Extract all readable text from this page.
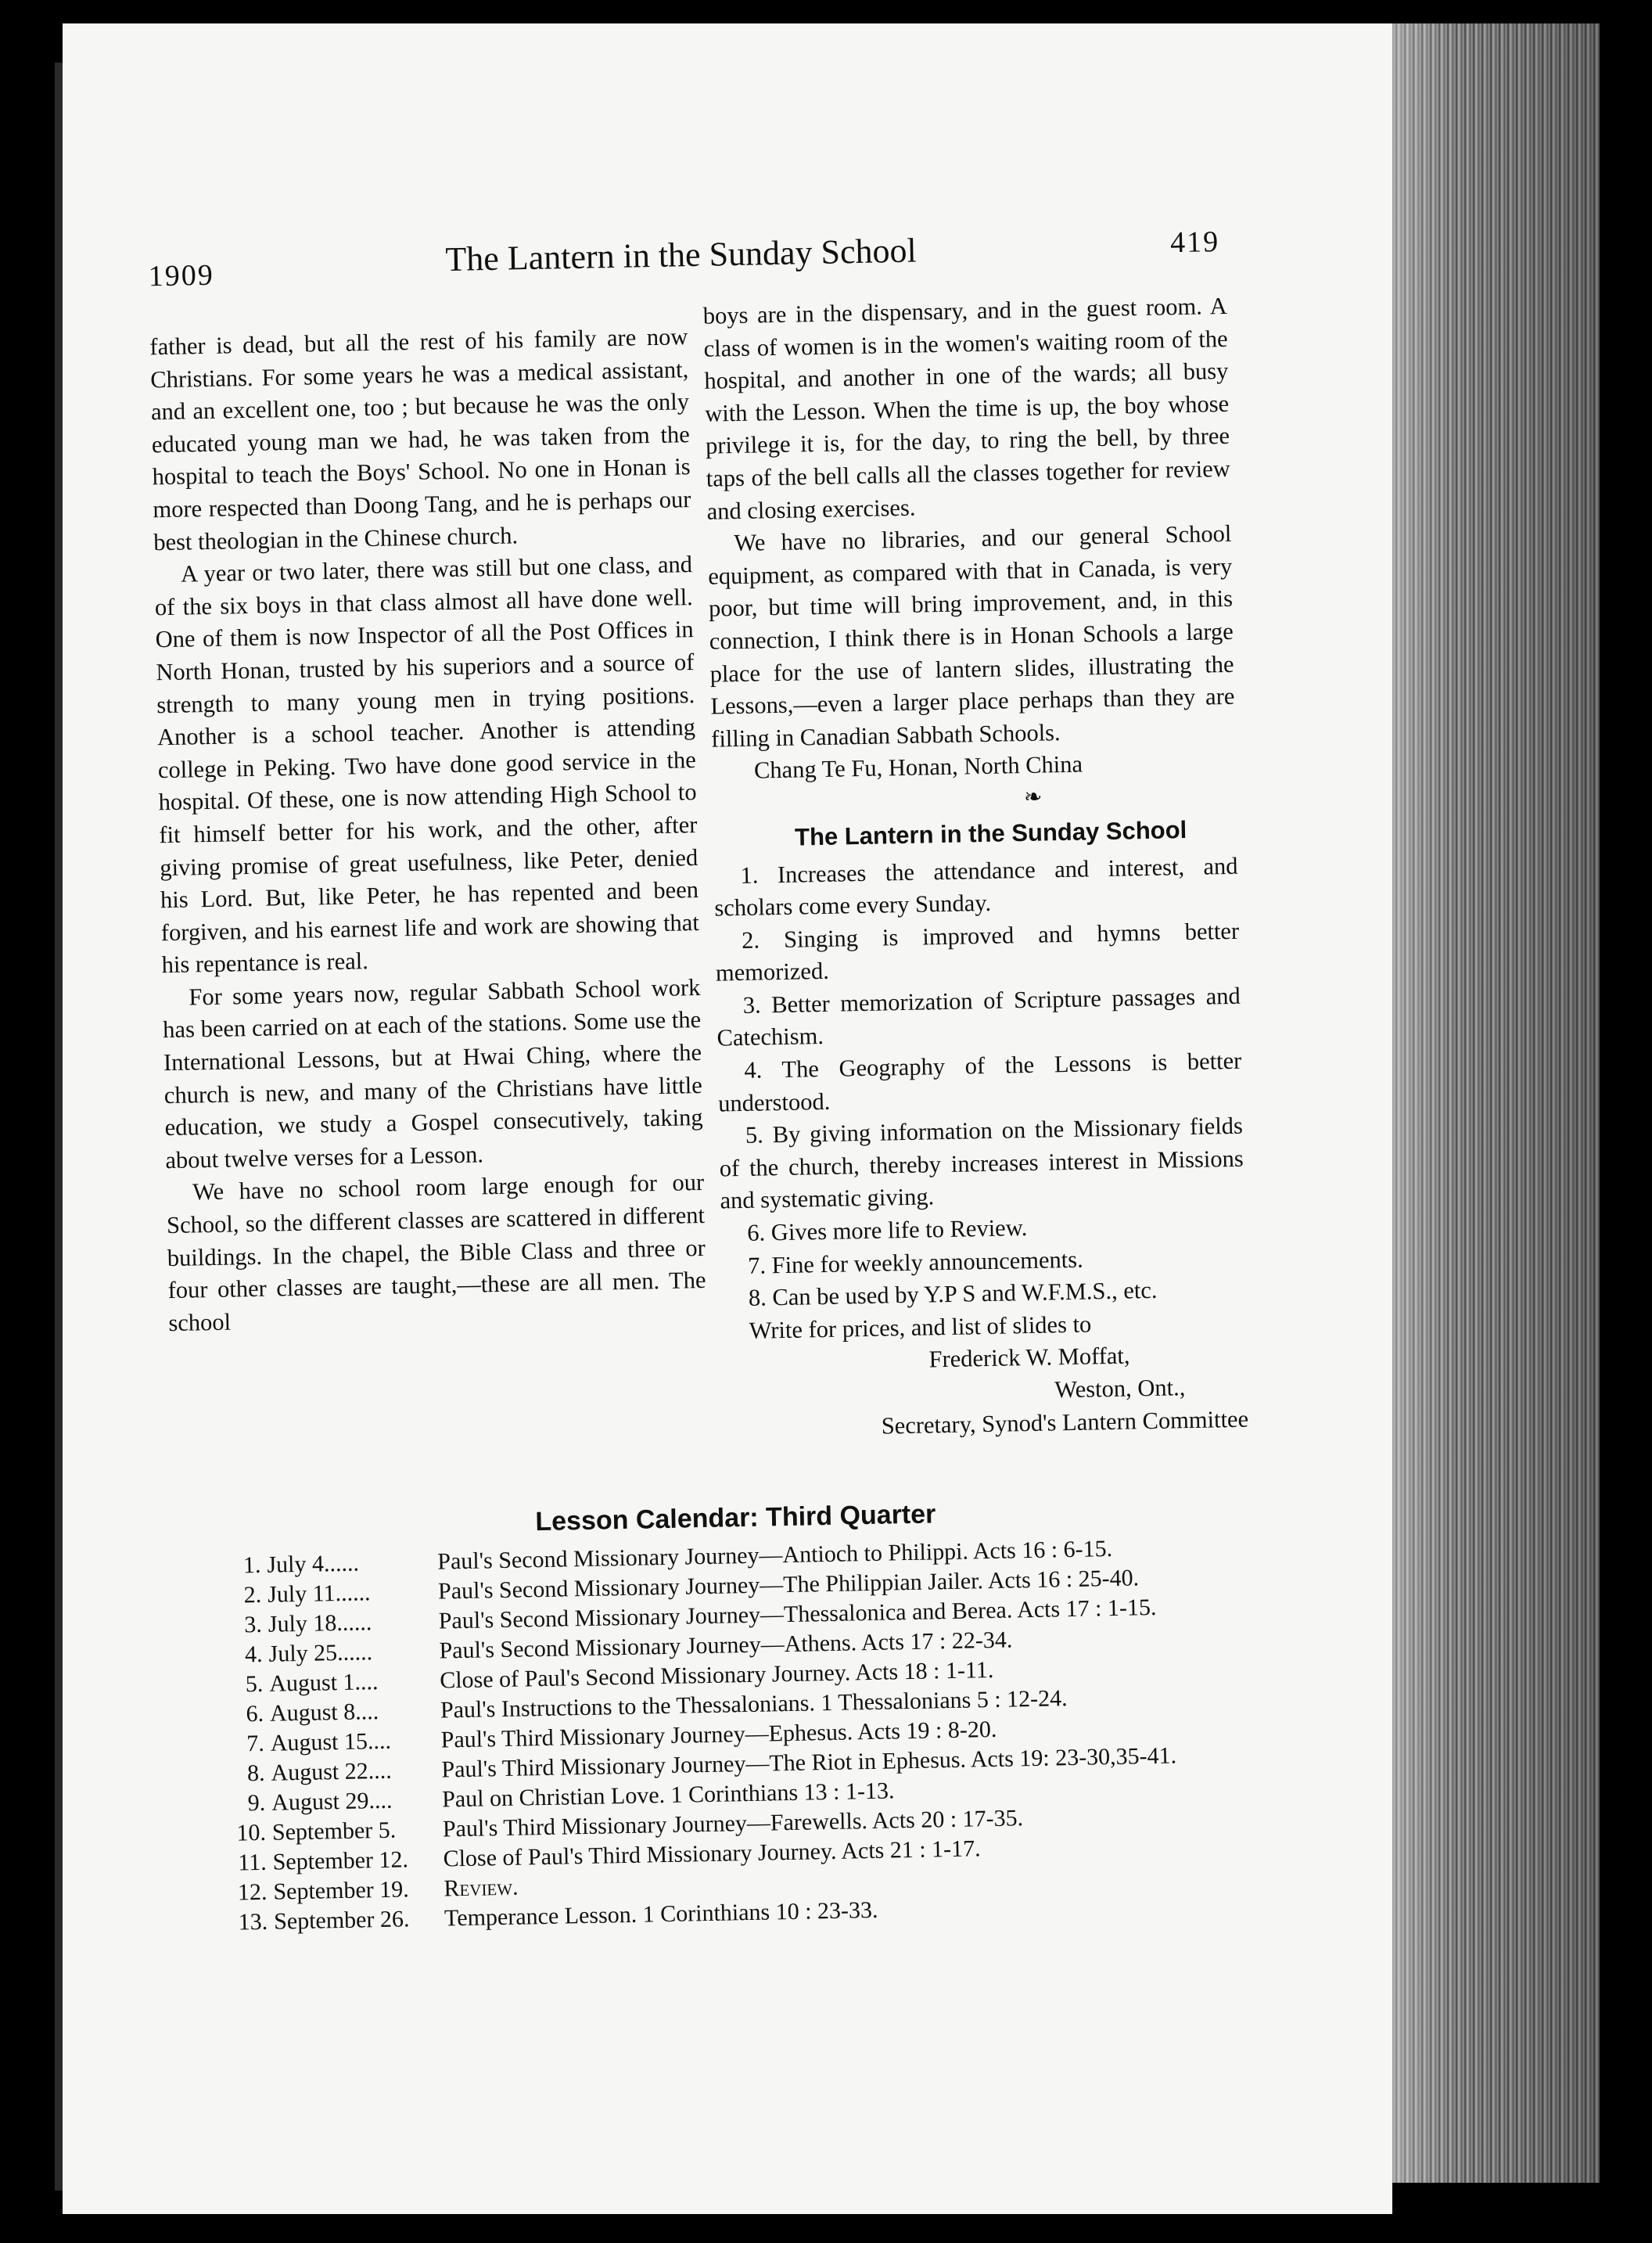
1909	The Lantern in the Sunday School	419

father is dead, but all the rest of his family are now Christians. For some years he was a medical assistant, and an excellent one, too ; but because he was the only educated young man we had, he was taken from the hospital to teach the Boys' School. No one in Honan is more respected than Doong Tang, and he is perhaps our best theologian in the Chinese church.

A year or two later, there was still but one class, and of the six boys in that class almost all have done well. One of them is now Inspector of all the Post Offices in North Honan, trusted by his superiors and a source of strength to many young men in trying positions. Another is a school teacher. Another is attending college in Peking. Two have done good service in the hospital. Of these, one is now attending High School to fit himself better for his work, and the other, after giving promise of great usefulness, like Peter, denied his Lord. But, like Peter, he has repented and been forgiven, and his earnest life and work are showing that his repentance is real.

For some years now, regular Sabbath School work has been carried on at each of the stations. Some use the International Lessons, but at Hwai Ching, where the church is new, and many of the Christians have little education, we study a Gospel consecutively, taking about twelve verses for a Lesson.

We have no school room large enough for our School, so the different classes are scattered in different buildings. In the chapel, the Bible Class and three or four other classes are taught,—these are all men. The school

boys are in the dispensary, and in the guest room. A class of women is in the women's waiting room of the hospital, and another in one of the wards; all busy with the Lesson. When the time is up, the boy whose privilege it is, for the day, to ring the bell, by three taps of the bell calls all the classes together for review and closing exercises.

We have no libraries, and our general School equipment, as compared with that in Canada, is very poor, but time will bring improvement, and, in this connection, I think there is in Honan Schools a large place for the use of lantern slides, illustrating the Lessons,—even a larger place perhaps than they are filling in Canadian Sabbath Schools.

Chang Te Fu, Honan, North China

❧
The Lantern in the Sunday School

1. Increases the attendance and interest, and scholars come every Sunday.

2. Singing is improved and hymns better memorized.

3. Better memorization of Scripture passages and Catechism.

4. The Geography of the Lessons is better understood.

5. By giving information on the Missionary fields of the church, thereby increases interest in Missions and systematic giving.

6. Gives more life to Review.

7. Fine for weekly announcements.

8. Can be used by Y.P S and W.F.M.S., etc.

Write for prices, and list of slides to

Frederick W. Moffat,

Weston, Ont.,

Secretary, Synod's Lantern Committee

Lesson Calendar: Third Quarter
1. July 4......	Paul's Second Missionary Journey—Antioch to Philippi. Acts 16 : 6-15.
2. July 11......	Paul's Second Missionary Journey—The Philippian Jailer. Acts 16 : 25-40.
3. July 18......	Paul's Second Missionary Journey—Thessalonica and Berea. Acts 17 : 1-15.
4. July 25......	Paul's Second Missionary Journey—Athens. Acts 17 : 22-34.
5. August 1....	Close of Paul's Second Missionary Journey. Acts 18 : 1-11.
6. August 8....	Paul's Instructions to the Thessalonians. 1 Thessalonians 5 : 12-24.
7. August 15....	Paul's Third Missionary Journey—Ephesus. Acts 19 : 8-20.
8. August 22....	Paul's Third Missionary Journey—The Riot in Ephesus. Acts 19: 23-30,35-41.
9. August 29....	Paul on Christian Love. 1 Corinthians 13 : 1-13.
10. September 5.	Paul's Third Missionary Journey—Farewells. Acts 20 : 17-35.
11. September 12.	Close of Paul's Third Missionary Journey. Acts 21 : 1-17.
12. September 19.	Review.
13. September 26.	Temperance Lesson. 1 Corinthians 10 : 23-33.
